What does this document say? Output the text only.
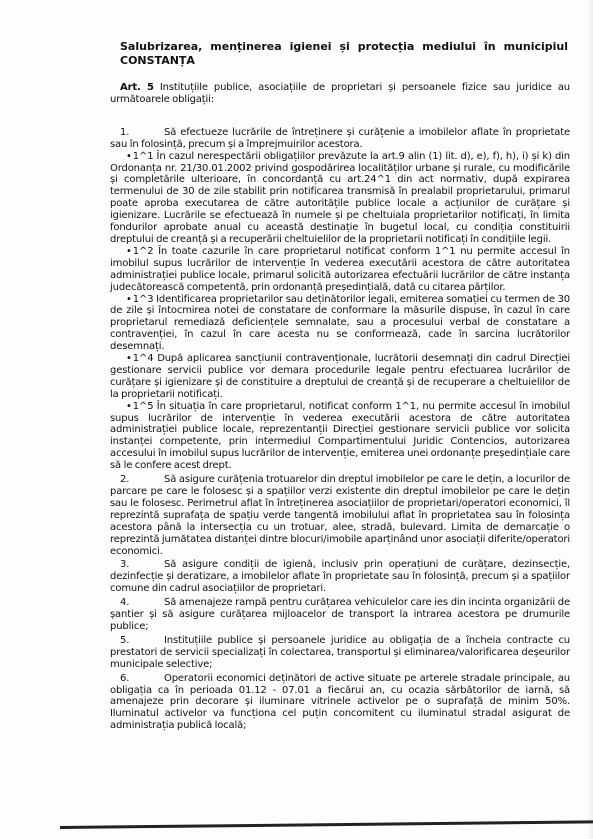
Salubrizarea, menținerea igienei și protecția mediului în municipiul CONSTANȚA

Art. 5 Instituțiile publice, asociațiile de proprietari și persoanele fizice sau juridice au următoarele obligații:

1.	Să efectueze lucrările de întreținere și curățenie a imobilelor aflate în proprietate sau în folosință, precum și a împrejmuirilor acestora.

• 1^1 În cazul nerespectării obligațiilor prevăzute la art.9 alin (1) lit. d), e), f), h), i) și k) din Ordonanța nr. 21/30.01.2002 privind gospodărirea localităților urbane și rurale, cu modificările și completările ulterioare, în concordanță cu art.24^1 din act normativ, după expirarea termenului de 30 de zile stabilit prin notificarea transmisă în prealabil proprietarului, primarul poate aproba executarea de către autoritățile publice locale a acțiunilor de curățare și igienizare. Lucrările se efectuează în numele și pe cheltuiala proprietarilor notificați, în limita fondurilor aprobate anual cu această destinație în bugetul local, cu condiția constituirii dreptului de creanță și a recuperării cheltuielilor de la proprietarii notificați în condițiile legii.

• 1^2 În toate cazurile în care proprietarul notificat conform 1^1 nu permite accesul în imobilul supus lucrărilor de intervenție în vederea executării acestora de către autoritatea administrației publice locale, primarul solicită autorizarea efectuării lucrărilor de către instanța judecătorească competentă, prin ordonanță președințială, dată cu citarea părților.

• 1^3 Identificarea proprietarilor sau deținătorilor legali, emiterea somației cu termen de 30 de zile și întocmirea notei de constatare de conformare la măsurile dispuse, în cazul în care proprietarul remediază deficiențele semnalate, sau a procesului verbal de constatare a contravenției, în cazul în care acesta nu se conformează, cade în sarcina lucrătorilor desemnați.

• 1^4 După aplicarea sancțiunii contravenționale, lucrătorii desemnați din cadrul Direcției gestionare servicii publice vor demara procedurile legale pentru efectuarea lucrărilor de curățare și igienizare și de constituire a dreptului de creanță și de recuperare a cheltuielilor de la proprietarii notificați.

• 1^5 În situația în care proprietarul, notificat conform 1^1, nu permite accesul în imobilul supus lucrărilor de intervenție în vederea executării acestora de către autoritatea administrației publice locale, reprezentanții Direcției gestionare servicii publice vor solicita instanței competente, prin intermediul Compartimentului Juridic Contencios, autorizarea accesului în imobilul supus lucrărilor de intervenție, emiterea unei ordonanțe președințiale care să le confere acest drept.

2.	Să asigure curățenia trotuarelor din dreptul imobilelor pe care le dețin, a locurilor de parcare pe care le folosesc și a spațiilor verzi existente din dreptul imobilelor pe care le dețin sau le folosesc. Perimetrul aflat în întreținerea asociațiilor de proprietari/operatori economici, îl reprezintă suprafața de spațiu verde tangentă imobilului aflat în proprietatea sau în folosința acestora până la intersecția cu un trotuar, alee, stradă, bulevard. Limita de demarcație o reprezintă jumătatea distanței dintre blocuri/imobile aparținând unor asociații diferite/operatori economici.

3.	Să asigure condiții de igienă, inclusiv prin operațiuni de curățare, dezinsecție, dezinfecție și deratizare, a imobilelor aflate în proprietate sau în folosință, precum și a spațiilor comune din cadrul asociațiilor de proprietari.

4.	Să amenajeze rampă pentru curățarea vehiculelor care ies din incinta organizării de șantier și să asigure curățarea mijloacelor de transport la intrarea acestora pe drumurile publice;

5.	Instituțiile publice și persoanele juridice au obligația de a încheia contracte cu prestatori de servicii specializați în colectarea, transportul și eliminarea/valorificarea deșeurilor municipale selective;

6.	Operatorii economici deținători de active situate pe arterele stradale principale, au obligația ca în perioada 01.12 - 07.01 a fiecărui an, cu ocazia sărbătorilor de iarnă, să amenajeze prin decorare și iluminare vitrinele activelor pe o suprafață de minim 50%. Iluminatul activelor va funcționa cel puțin concomitent cu iluminatul stradal asigurat de administrația publică locală;
